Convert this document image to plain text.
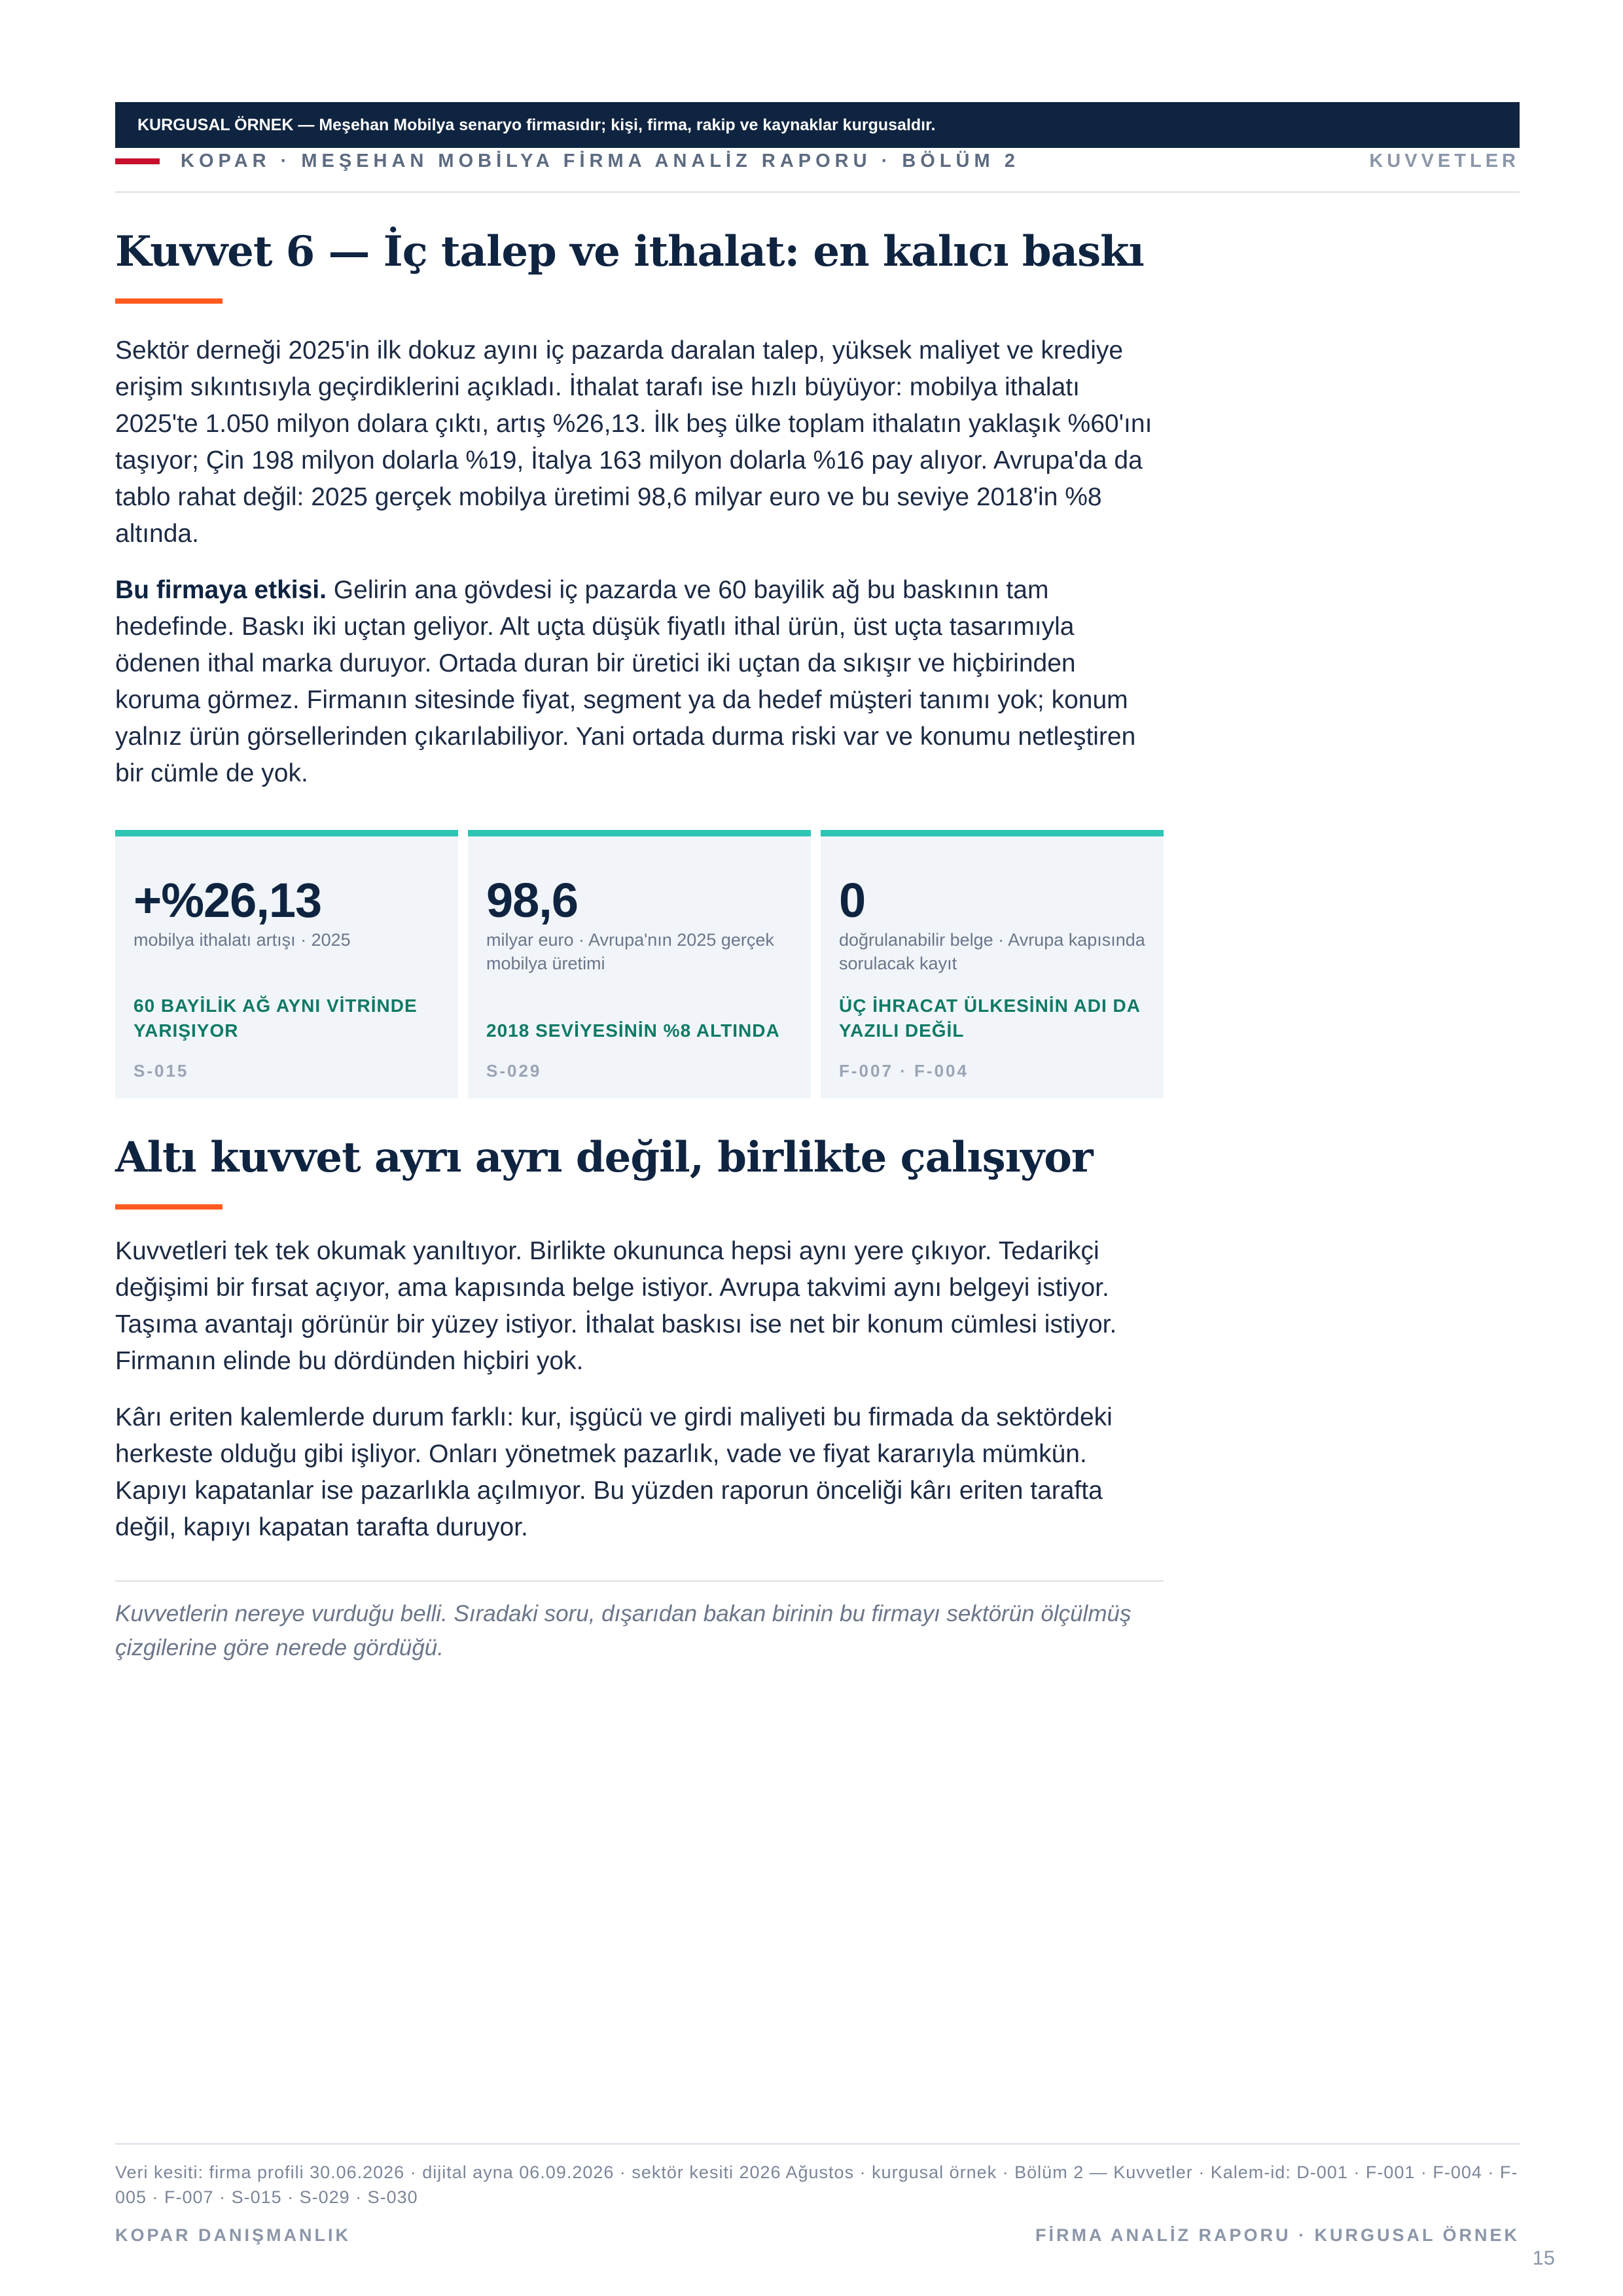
KURGUSAL ÖRNEK — Meşehan Mobilya senaryo firmasıdır; kişi, firma, rakip ve kaynaklar kurgusaldır.
KOPAR · MEŞEHAN MOBİLYA FİRMA ANALİZ RAPORU · BÖLÜM 2	KUVVETLER
Kuvvet 6 — İç talep ve ithalat: en kalıcı baskı

Sektör derneği 2025'in ilk dokuz ayını iç pazarda daralan talep, yüksek maliyet ve krediye erişim sıkıntısıyla geçirdiklerini açıkladı. İthalat tarafı ise hızlı büyüyor: mobilya ithalatı 2025'te 1.050 milyon dolara çıktı, artış %26,13. İlk beş ülke toplam ithalatın yaklaşık %60'ını taşıyor; Çin 198 milyon dolarla %19, İtalya 163 milyon dolarla %16 pay alıyor. Avrupa'da da tablo rahat değil: 2025 gerçek mobilya üretimi 98,6 milyar euro ve bu seviye 2018'in %8 altında.

Bu firmaya etkisi. Gelirin ana gövdesi iç pazarda ve 60 bayilik ağ bu baskının tam hedefinde. Baskı iki uçtan geliyor. Alt uçta düşük fiyatlı ithal ürün, üst uçta tasarımıyla ödenen ithal marka duruyor. Ortada duran bir üretici iki uçtan da sıkışır ve hiçbirinden koruma görmez. Firmanın sitesinde fiyat, segment ya da hedef müşteri tanımı yok; konum yalnız ürün görsellerinden çıkarılabiliyor. Yani ortada durma riski var ve konumu netleştiren bir cümle de yok.

+%26,13
mobilya ithalatı artışı · 2025
60 BAYİLİK AĞ AYNI VİTRİNDE YARIŞIYOR
S-015
98,6
milyar euro · Avrupa'nın 2025 gerçek mobilya üretimi
2018 SEVİYESİNİN %8 ALTINDA
S-029
0
doğrulanabilir belge · Avrupa kapısında sorulacak kayıt
ÜÇ İHRACAT ÜLKESİNİN ADI DA YAZILI DEĞİL
F-007 · F-004
Altı kuvvet ayrı ayrı değil, birlikte çalışıyor

Kuvvetleri tek tek okumak yanıltıyor. Birlikte okununca hepsi aynı yere çıkıyor. Tedarikçi değişimi bir fırsat açıyor, ama kapısında belge istiyor. Avrupa takvimi aynı belgeyi istiyor. Taşıma avantajı görünür bir yüzey istiyor. İthalat baskısı ise net bir konum cümlesi istiyor. Firmanın elinde bu dördünden hiçbiri yok.

Kârı eriten kalemlerde durum farklı: kur, işgücü ve girdi maliyeti bu firmada da sektördeki herkeste olduğu gibi işliyor. Onları yönetmek pazarlık, vade ve fiyat kararıyla mümkün. Kapıyı kapatanlar ise pazarlıkla açılmıyor. Bu yüzden raporun önceliği kârı eriten tarafta değil, kapıyı kapatan tarafta duruyor.

Kuvvetlerin nereye vurduğu belli. Sıradaki soru, dışarıdan bakan birinin bu firmayı sektörün ölçülmüş çizgilerine göre nerede gördüğü.
Veri kesiti: firma profili 30.06.2026 · dijital ayna 06.09.2026 · sektör kesiti 2026 Ağustos · kurgusal örnek · Bölüm 2 — Kuvvetler · Kalem-id: D-001 · F-001 · F-004 · F-005 · F-007 · S-015 · S-029 · S-030
KOPAR DANIŞMANLIK	FİRMA ANALİZ RAPORU · KURGUSAL ÖRNEK
15
